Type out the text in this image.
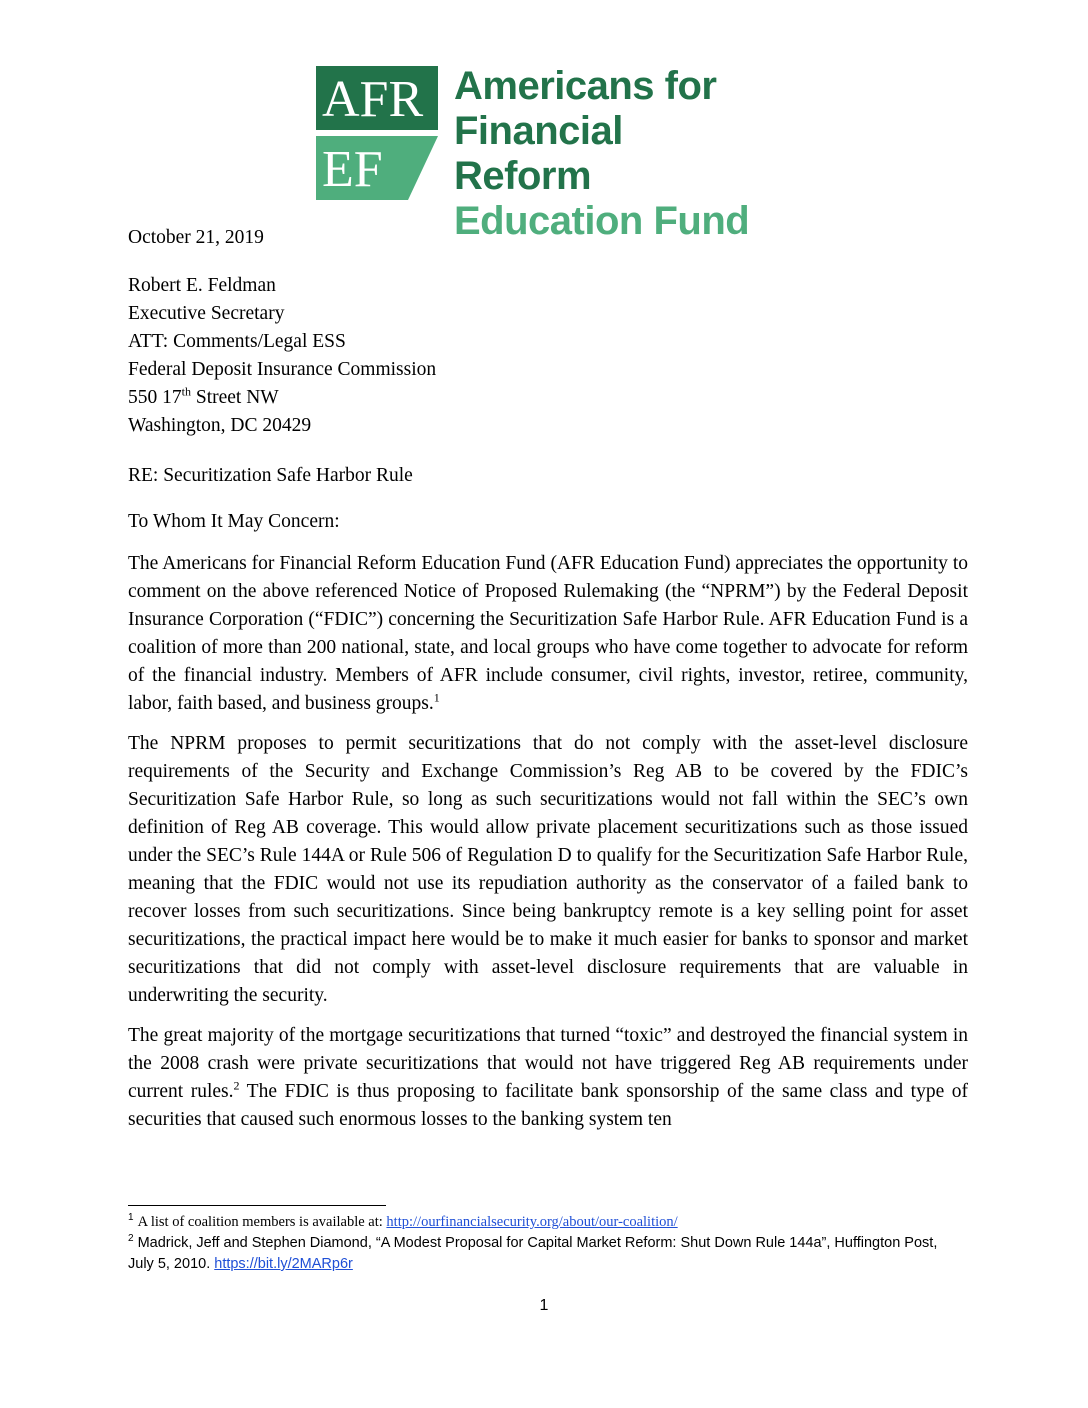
AFR
EF
Americans for
Financial Reform
Education Fund

October 21, 2019

Robert E. Feldman

Executive Secretary

ATT: Comments/Legal ESS

Federal Deposit Insurance Commission

550 17th Street NW

Washington, DC 20429

RE: Securitization Safe Harbor Rule

To Whom It May Concern:

The Americans for Financial Reform Education Fund (AFR Education Fund) appreciates the opportunity to comment on the above referenced Notice of Proposed Rulemaking (the “NPRM”) by the Federal Deposit Insurance Corporation (“FDIC”) concerning the Securitization Safe Harbor Rule. AFR Education Fund is a coalition of more than 200 national, state, and local groups who have come together to advocate for reform of the financial industry. Members of AFR include consumer, civil rights, investor, retiree, community, labor, faith based, and business groups.$^1$

The NPRM proposes to permit securitizations that do not comply with the asset-level disclosure requirements of the Security and Exchange Commission’s Reg AB to be covered by the FDIC’s Securitization Safe Harbor Rule, so long as such securitizations would not fall within the SEC’s own definition of Reg AB coverage. This would allow private placement securitizations such as those issued under the SEC’s Rule 144A or Rule 506 of Regulation D to qualify for the Securitization Safe Harbor Rule, meaning that the FDIC would not use its repudiation authority as the conservator of a failed bank to recover losses from such securitizations. Since being bankruptcy remote is a key selling point for asset securitizations, the practical impact here would be to make it much easier for banks to sponsor and market securitizations that did not comply with asset-level disclosure requirements that are valuable in underwriting the security.

The great majority of the mortgage securitizations that turned “toxic” and destroyed the financial system in the 2008 crash were private securitizations that would not have triggered Reg AB requirements under current rules.$^2$ The FDIC is thus proposing to facilitate bank sponsorship of the same class and type of securities that caused such enormous losses to the banking system ten

$^1$ A list of coalition members is available at: http://ourfinancialsecurity.org/about/our-coalition/

$^2$ Madrick, Jeff and Stephen Diamond, “A Modest Proposal for Capital Market Reform: Shut Down Rule 144a”, Huffington Post, July 5, 2010. https://bit.ly/2MARp6r

1
